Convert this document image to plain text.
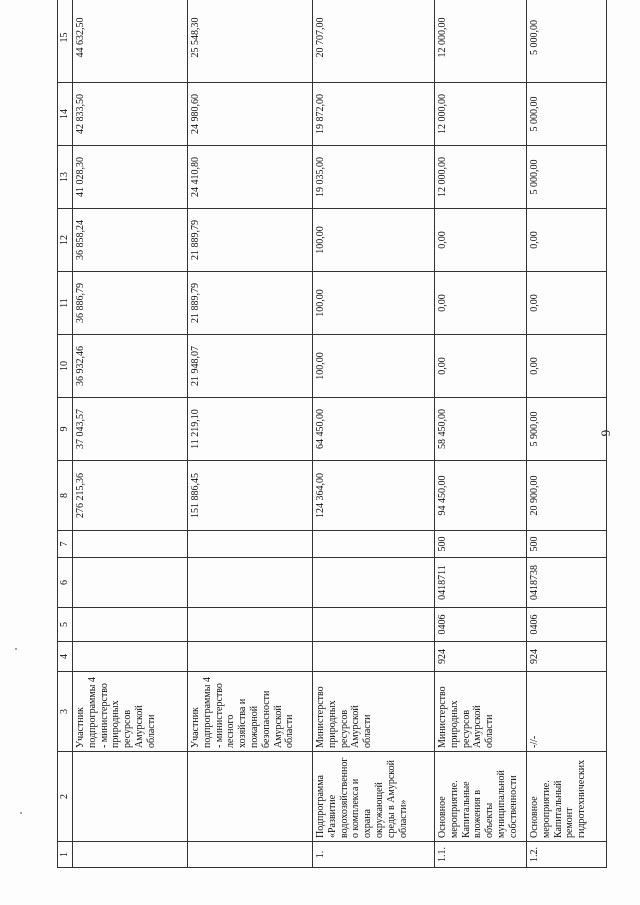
6
1	2	3	4	5	6	7	8	9	10	11	12	13	14	15
		Участник подпрограммы 4 - министерство природных ресурсов Амурской области					276 215,36	37 043,57	36 932,46	36 886,79	36 858,24	41 028,30	42 833,50	44 632,50
		Участник подпрограммы 4 - министерство лесного хозяйства и пожарной безопасности Амурской области					151 886,45	11 219,10	21 948,07	21 889,79	21 889,79	24 410,80	24 980,60	25 548,30
1.	Подпрограмма «Развитие водохозяйственного комплекса и охрана окружающей среды в Амурской области»	Министерство природных ресурсов Амурской области					124 364,00	64 450,00	100,00	100,00	100,00	19 035,00	19 872,00	20 707,00
1.1.	Основное мероприятие. Капитальные вложения в объекты муниципальной собственности	Министерство природных ресурсов Амурской области	924	0406	0418711	500	94 450,00	58 450,00	0,00	0,00	0,00	12 000,00	12 000,00	12 000,00
1.2.	Основное мероприятие. Капитальный ремонт гидротехнических	-//-	924	0406	0418738	500	20 900,00	5 900,00	0,00	0,00	0,00	5 000,00	5 000,00	5 000,00
